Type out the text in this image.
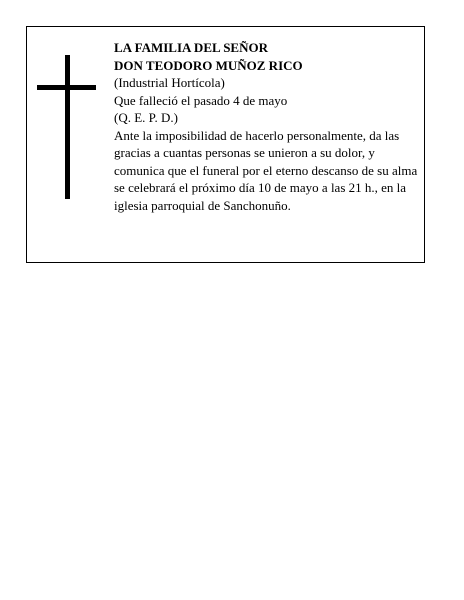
LA FAMILIA DEL SEÑOR
DON TEODORO MUÑOZ RICO
(Industrial Hortícola)
Que falleció el pasado 4 de mayo
(Q. E. P. D.)
Ante la imposibilidad de hacerlo personalmente, da las gracias a cuantas personas se unieron a su dolor, y comunica que el funeral por el eterno descanso de su alma se celebrará el próximo día 10 de mayo a las 21 h., en la iglesia parroquial de Sanchonuño.
